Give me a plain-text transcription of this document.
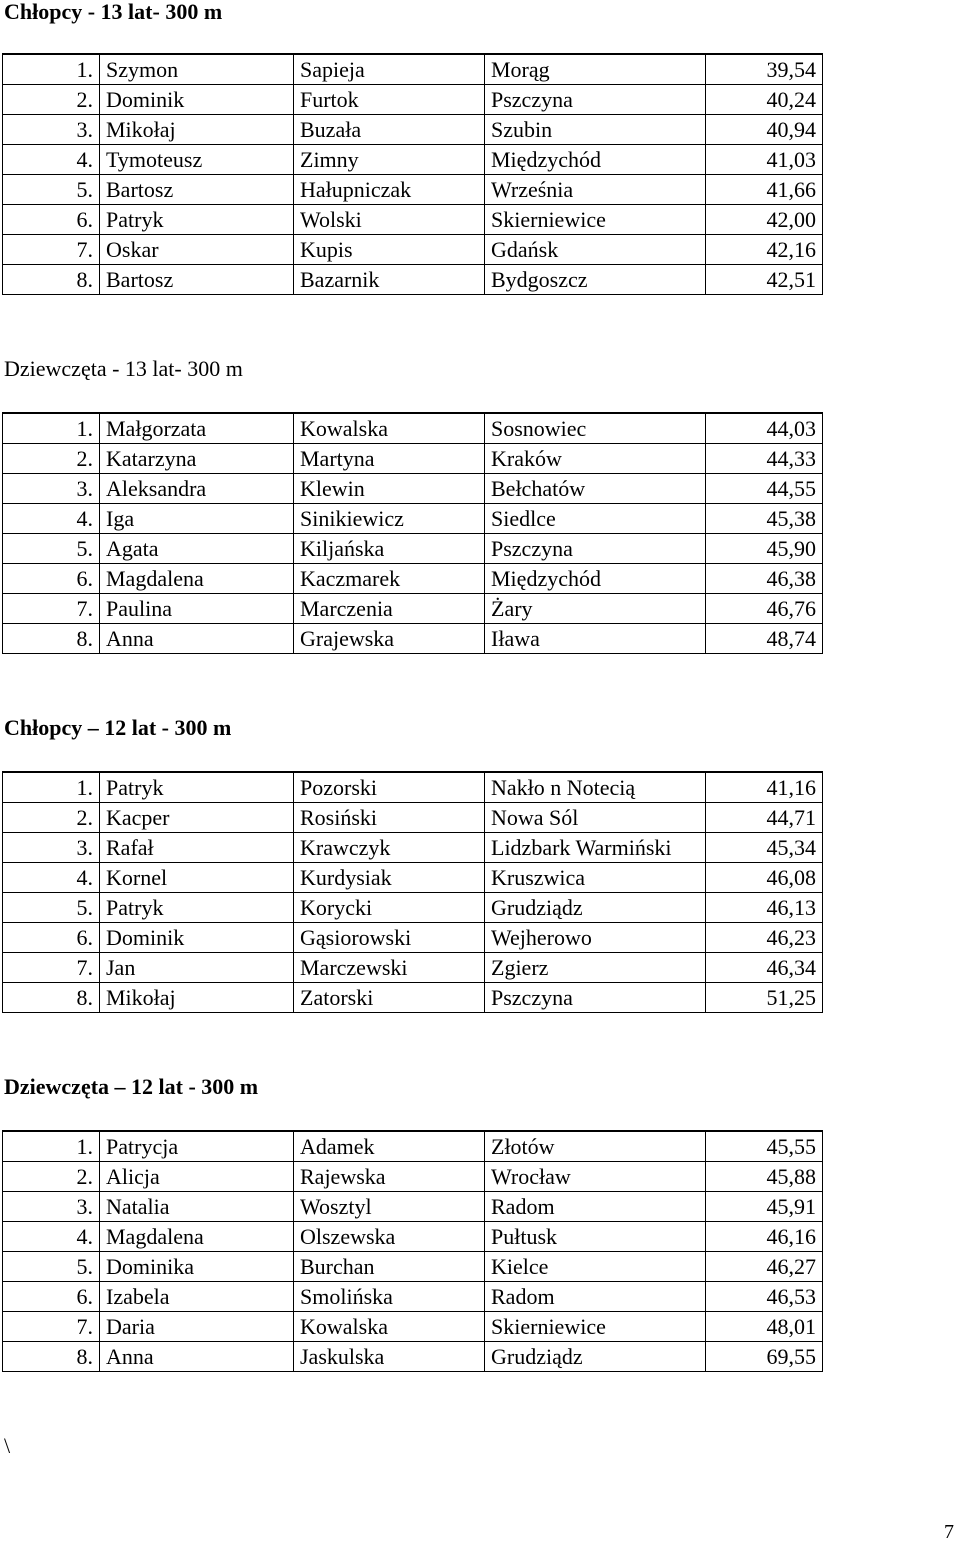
Chłopcy - 13 lat- 300 m
1.	Szymon	Sapieja	Morąg	39,54
2.	Dominik	Furtok	Pszczyna	40,24
3.	Mikołaj	Buzała	Szubin	40,94
4.	Tymoteusz	Zimny	Międzychód	41,03
5.	Bartosz	Hałupniczak	Września	41,66
6.	Patryk	Wolski	Skierniewice	42,00
7.	Oskar	Kupis	Gdańsk	42,16
8.	Bartosz	Bazarnik	Bydgoszcz	42,51
Dziewczęta - 13 lat- 300 m
1.	Małgorzata	Kowalska	Sosnowiec	44,03
2.	Katarzyna	Martyna	Kraków	44,33
3.	Aleksandra	Klewin	Bełchatów	44,55
4.	Iga	Sinikiewicz	Siedlce	45,38
5.	Agata	Kiljańska	Pszczyna	45,90
6.	Magdalena	Kaczmarek	Międzychód	46,38
7.	Paulina	Marczenia	Żary	46,76
8.	Anna	Grajewska	Iława	48,74
Chłopcy – 12 lat - 300 m
1.	Patryk	Pozorski	Nakło n Notecią	41,16
2.	Kacper	Rosiński	Nowa Sól	44,71
3.	Rafał	Krawczyk	Lidzbark Warmiński	45,34
4.	Kornel	Kurdysiak	Kruszwica	46,08
5.	Patryk	Korycki	Grudziądz	46,13
6.	Dominik	Gąsiorowski	Wejherowo	46,23
7.	Jan	Marczewski	Zgierz	46,34
8.	Mikołaj	Zatorski	Pszczyna	51,25
Dziewczęta – 12 lat - 300 m
1.	Patrycja	Adamek	Złotów	45,55
2.	Alicja	Rajewska	Wrocław	45,88
3.	Natalia	Wosztyl	Radom	45,91
4.	Magdalena	Olszewska	Pułtusk	46,16
5.	Dominika	Burchan	Kielce	46,27
6.	Izabela	Smolińska	Radom	46,53
7.	Daria	Kowalska	Skierniewice	48,01
8.	Anna	Jaskulska	Grudziądz	69,55
\
7
